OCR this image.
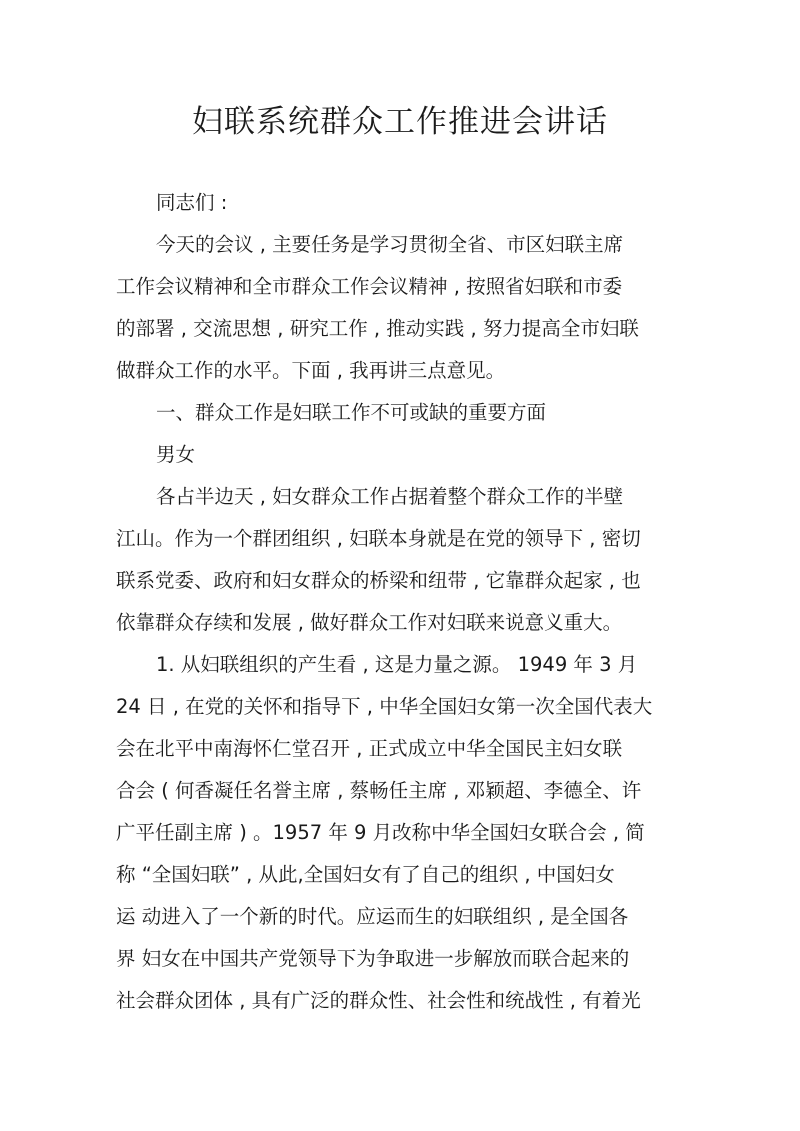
妇联系统群众工作推进会讲话

同志们 :

今天的会议 , 主要任务是学习贯彻全省、市区妇联主席

工作会议精神和全市群众工作会议精神 , 按照省妇联和市委

的部署 , 交流思想 , 研究工作 , 推动实践 , 努力提高全市妇联

做群众工作的水平。下面 , 我再讲三点意见。

一、群众工作是妇联工作不可或缺的重要方面

男女

各占半边天 , 妇女群众工作占据着整个群众工作的半壁

江山。作为一个群团组织 , 妇联本身就是在党的领导下 , 密切

联系党委、政府和妇女群众的桥梁和纽带 , 它靠群众起家 , 也

依靠群众存续和发展 , 做好群众工作对妇联来说意义重大。

1. 从妇联组织的产生看 , 这是力量之源。 1949 年 3 月

24 日 , 在党的关怀和指导下 , 中华全国妇女第一次全国代表大

会在北平中南海怀仁堂召开 , 正式成立中华全国民主妇女联

合会 ( 何香凝任名誉主席 , 蔡畅任主席 , 邓颖超、李德全、许

广平任副主席 ) 。1957 年 9 月改称中华全国妇女联合会 , 简

称 “全国妇联” , 从此,全国妇女有了自己的组织 , 中国妇女

运 动进入了一个新的时代。应运而生的妇联组织 , 是全国各

界 妇女在中国共产党领导下为争取进一步解放而联合起来的

社会群众团体 , 具有广泛的群众性、社会性和统战性 , 有着光
